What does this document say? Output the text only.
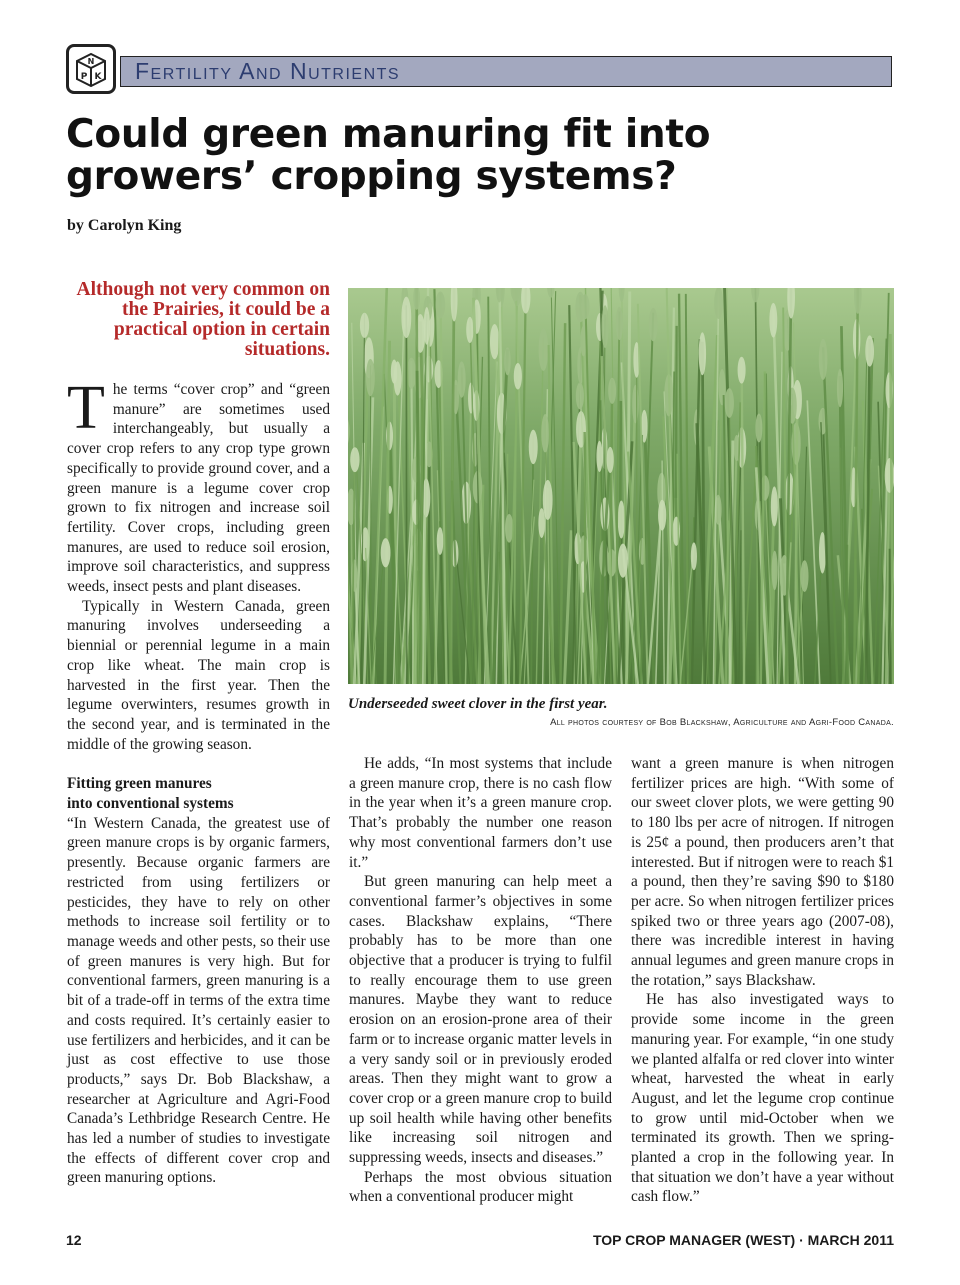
N
P K Fertility And Nutrients
Could green manuring fit into growers’ cropping systems?
by Carolyn King
Although not very common on the Prairies, it could be a practical option in certain situations.

The terms “cover crop” and “green manure” are sometimes used interchangeably, but usually a cover crop refers to any crop type grown specifically to provide ground cover, and a green manure is a legume cover crop grown to fix nitrogen and increase soil fertility. Cover crops, including green manures, are used to reduce soil erosion, improve soil characteristics, and suppress weeds, insect pests and plant diseases.

Typically in Western Canada, green manuring involves underseeding a biennial or perennial legume in a main crop like wheat. The main crop is harvested in the first year. Then the legume overwinters, resumes growth in the second year, and is terminated in the middle of the growing season.

Fitting green manures
into conventional systems

“In Western Canada, the greatest use of green manure crops is by organic farmers, presently. Because organic farmers are restricted from using fertilizers or pesticides, they have to rely on other methods to increase soil fertility or to manage weeds and other pests, so their use of green manures is very high. But for conventional farmers, green manuring is a bit of a trade-off in terms of the extra time and costs required. It’s certainly easier to use fertilizers and herbicides, and it can be just as cost effective to use those products,” says Dr. Bob Blackshaw, a researcher at Agriculture and Agri-Food Canada’s Lethbridge Research Centre. He has led a number of studies to investigate the effects of different cover crop and green manuring options.

Underseeded sweet clover in the first year.
All photos courtesy of Bob Blackshaw, Agriculture and Agri-Food Canada.

He adds, “In most systems that include a green manure crop, there is no cash flow in the year when it’s a green manure crop. That’s probably the number one reason why most conventional farmers don’t use it.”

But green manuring can help meet a conventional farmer’s objectives in some cases. Blackshaw explains, “There probably has to be more than one objective that a producer is trying to fulfil to really encourage them to use green manures. Maybe they want to reduce erosion on an erosion-prone area of their farm or to increase organic matter levels in a very sandy soil or in previously eroded areas. Then they might want to grow a cover crop or a green manure crop to build up soil health while having other benefits like increasing soil nitrogen and suppressing weeds, insects and diseases.”

Perhaps the most obvious situation when a conventional producer might

want a green manure is when nitrogen fertilizer prices are high. “With some of our sweet clover plots, we were getting 90 to 180 lbs per acre of nitrogen. If nitrogen is 25¢ a pound, then producers aren’t that interested. But if nitrogen were to reach $1 a pound, then they’re saving $90 to $180 per acre. So when nitrogen fertilizer prices spiked two or three years ago (2007-08), there was incredible interest in having annual legumes and green manure crops in the rotation,” says Blackshaw.

He has also investigated ways to provide some income in the green manuring year. For example, “in one study we planted alfalfa or red clover into winter wheat, harvested the wheat in early August, and let the legume crop continue to grow until mid-October when we terminated its growth. Then we spring-planted a crop in the following year. In that situation we don’t have a year without cash flow.”

12	TOP CROP MANAGER (WEST) · MARCH 2011
